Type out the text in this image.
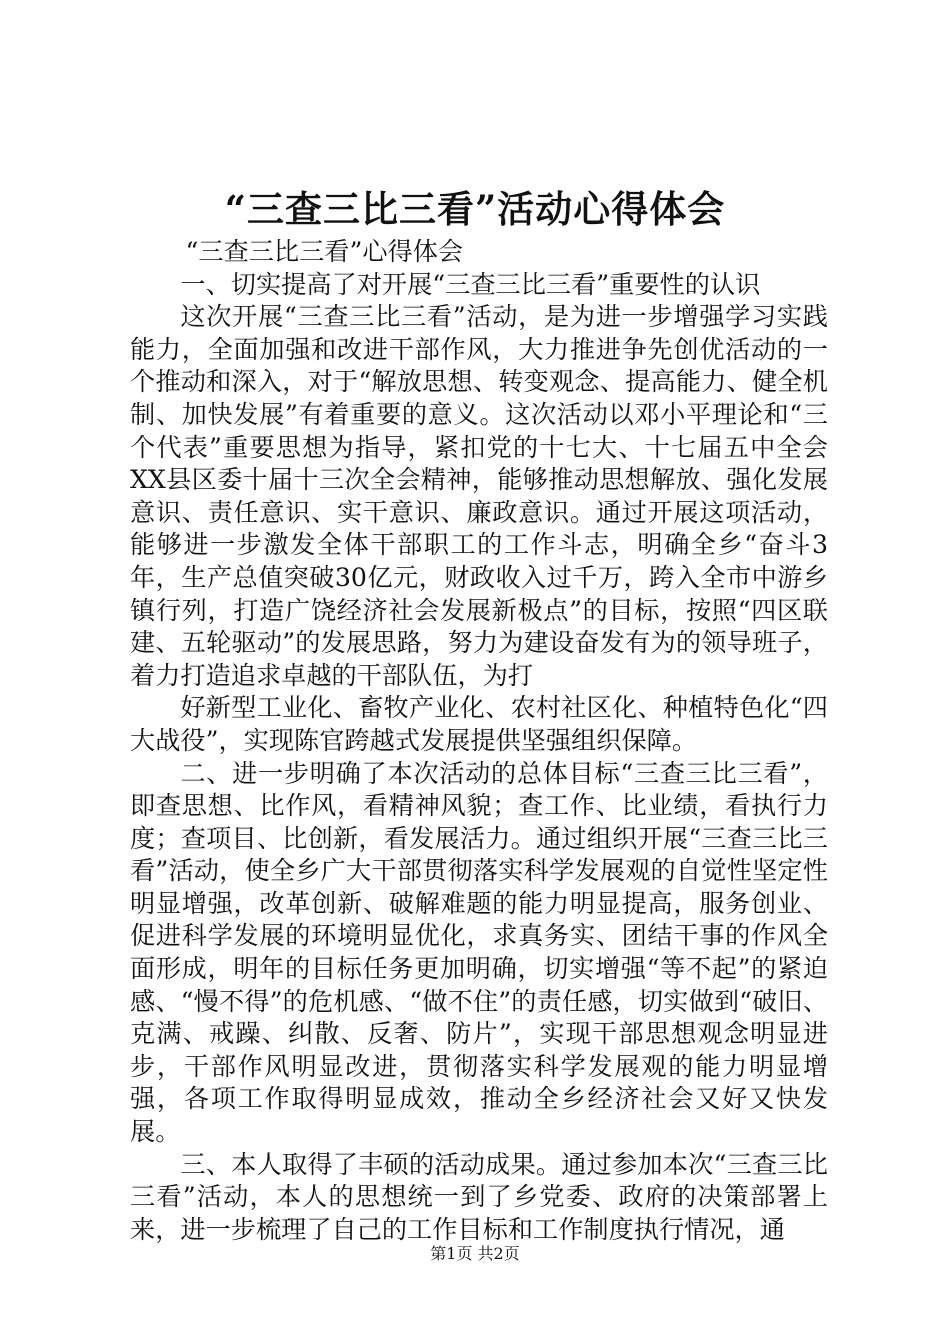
“三查三比三看”活动心得体会

“三查三比三看”心得体会

一、切实提高了对开展“三查三比三看”重要性的认识

这次开展“三查三比三看”活动，是为进一步增强学习实践能力，全面加强和改进干部作风，大力推进争先创优活动的一个推动和深入，对于“解放思想、转变观念、提高能力、健全机制、加快发展”有着重要的意义。这次活动以邓小平理论和“三个代表”重要思想为指导，紧扣党的十七大、十七届五中全会XX县区委十届十三次全会精神，能够推动思想解放、强化发展意识、责任意识、实干意识、廉政意识。通过开展这项活动，能够进一步激发全体干部职工的工作斗志，明确全乡“奋斗3年，生产总值突破30亿元，财政收入过千万，跨入全市中游乡镇行列，打造广饶经济社会发展新极点”的目标，按照“四区联建、五轮驱动”的发展思路，努力为建设奋发有为的领导班子，着力打造追求卓越的干部队伍，为打

好新型工业化、畜牧产业化、农村社区化、种植特色化“四大战役”，实现陈官跨越式发展提供坚强组织保障。

二、进一步明确了本次活动的总体目标“三查三比三看”，即查思想、比作风，看精神风貌；查工作、比业绩，看执行力度；查项目、比创新，看发展活力。通过组织开展“三查三比三看”活动，使全乡广大干部贯彻落实科学发展观的自觉性坚定性明显增强，改革创新、破解难题的能力明显提高，服务创业、促进科学发展的环境明显优化，求真务实、团结干事的作风全面形成，明年的目标任务更加明确，切实增强“等不起”的紧迫感、“慢不得”的危机感、“做不住”的责任感，切实做到“破旧、克满、戒躁、纠散、反奢、防片”，实现干部思想观念明显进步，干部作风明显改进，贯彻落实科学发展观的能力明显增强，各项工作取得明显成效，推动全乡经济社会又好又快发展。

三、本人取得了丰硕的活动成果。通过参加本次“三查三比三看”活动，本人的思想统一到了乡党委、政府的决策部署上来，进一步梳理了自己的工作目标和工作制度执行情况，通

第1页 共2页
